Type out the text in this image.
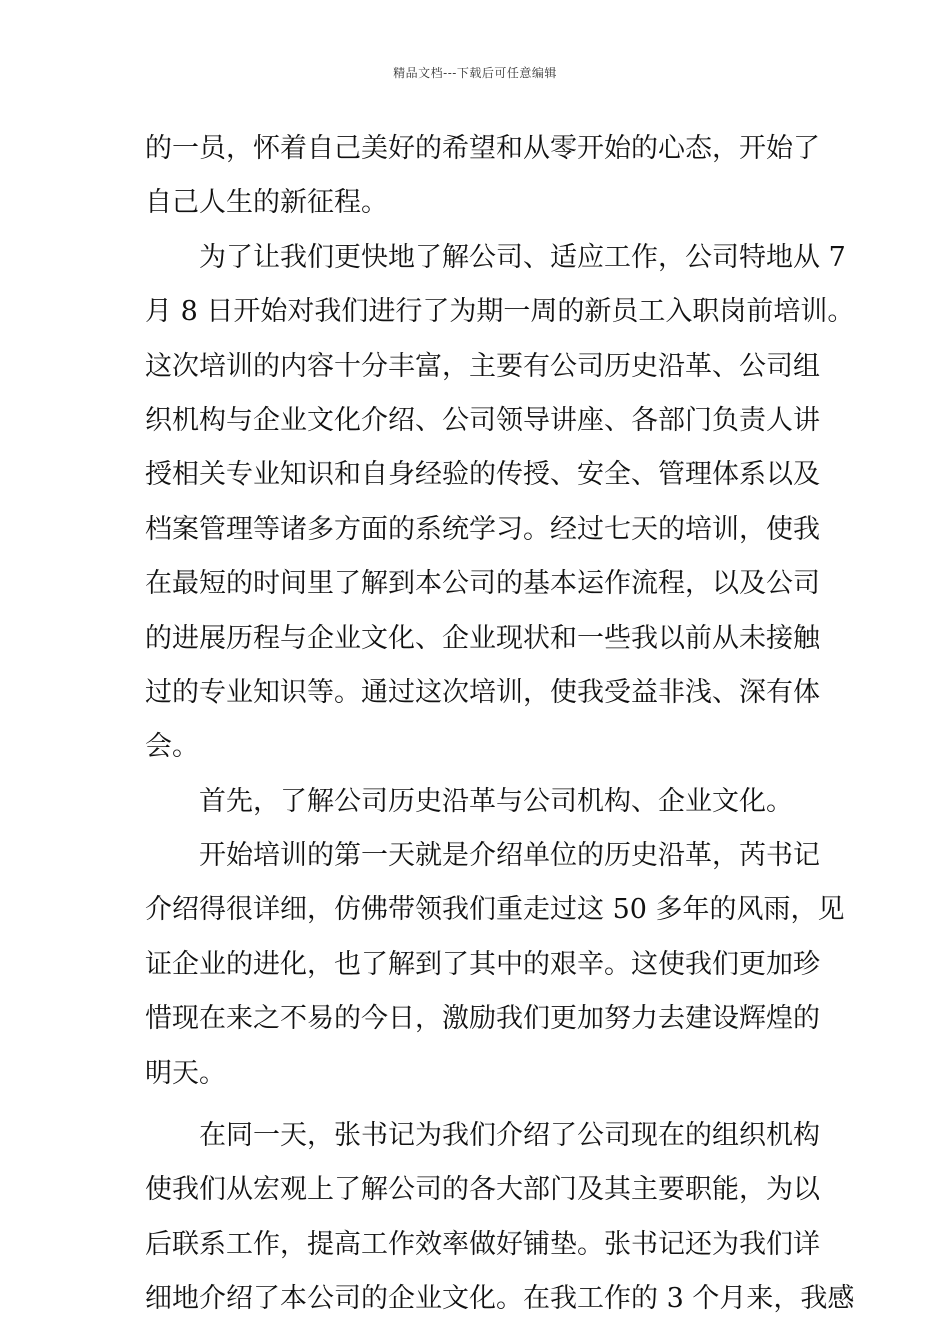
精品文档---下载后可任意编辑
的一员，怀着自己美好的希望和从零开始的心态，开始了
自己人生的新征程。
为了让我们更快地了解公司、适应工作，公司特地从 7
月 8 日开始对我们进行了为期一周的新员工入职岗前培训。
这次培训的内容十分丰富，主要有公司历史沿革、公司组
织机构与企业文化介绍、公司领导讲座、各部门负责人讲
授相关专业知识和自身经验的传授、安全、管理体系以及
档案管理等诸多方面的系统学习。经过七天的培训，使我
在最短的时间里了解到本公司的基本运作流程，以及公司
的进展历程与企业文化、企业现状和一些我以前从未接触
过的专业知识等。通过这次培训，使我受益非浅、深有体
会。
首先，了解公司历史沿革与公司机构、企业文化。
开始培训的第一天就是介绍单位的历史沿革，芮书记
介绍得很详细，仿佛带领我们重走过这 50 多年的风雨，见
证企业的进化，也了解到了其中的艰辛。这使我们更加珍
惜现在来之不易的今日，激励我们更加努力去建设辉煌的
明天。
在同一天，张书记为我们介绍了公司现在的组织机构
使我们从宏观上了解公司的各大部门及其主要职能，为以
后联系工作，提高工作效率做好铺垫。张书记还为我们详
细地介绍了本公司的企业文化。在我工作的 3 个月来，我感
